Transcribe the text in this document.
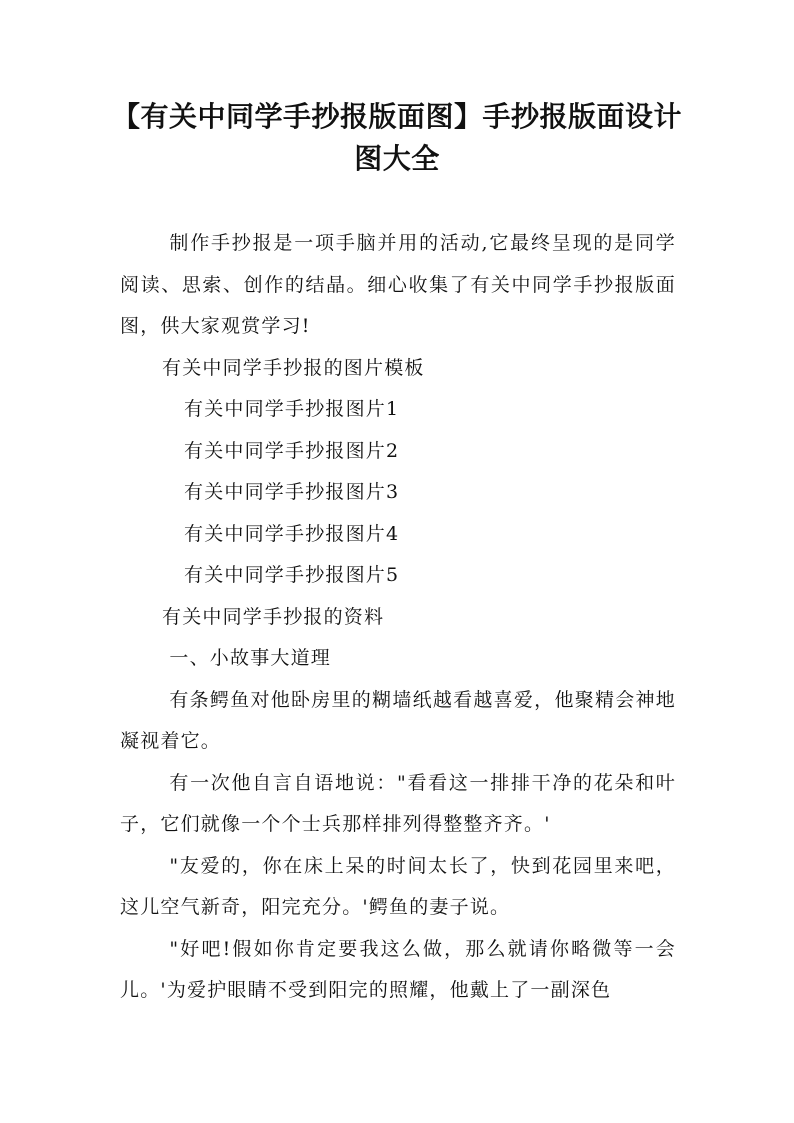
【有关中同学手抄报版面图】手抄报版面设计图大全

制作手抄报是一项手脑并用的活动,它最终呈现的是同学阅读、思索、创作的结晶。细心收集了有关中同学手抄报版面图，供大家观赏学习!

有关中同学手抄报的图片模板

有关中同学手抄报图片1

有关中同学手抄报图片2

有关中同学手抄报图片3

有关中同学手抄报图片4

有关中同学手抄报图片5

有关中同学手抄报的资料

一、小故事大道理

有条鳄鱼对他卧房里的糊墙纸越看越喜爱，他聚精会神地凝视着它。

有一次他自言自语地说："看看这一排排干净的花朵和叶子，它们就像一个个士兵那样排列得整整齐齐。'

"友爱的，你在床上呆的时间太长了，快到花园里来吧，这儿空气新奇，阳完充分。'鳄鱼的妻子说。

"好吧!假如你肯定要我这么做，那么就请你略微等一会儿。'为爱护眼睛不受到阳完的照耀，他戴上了一副深色
